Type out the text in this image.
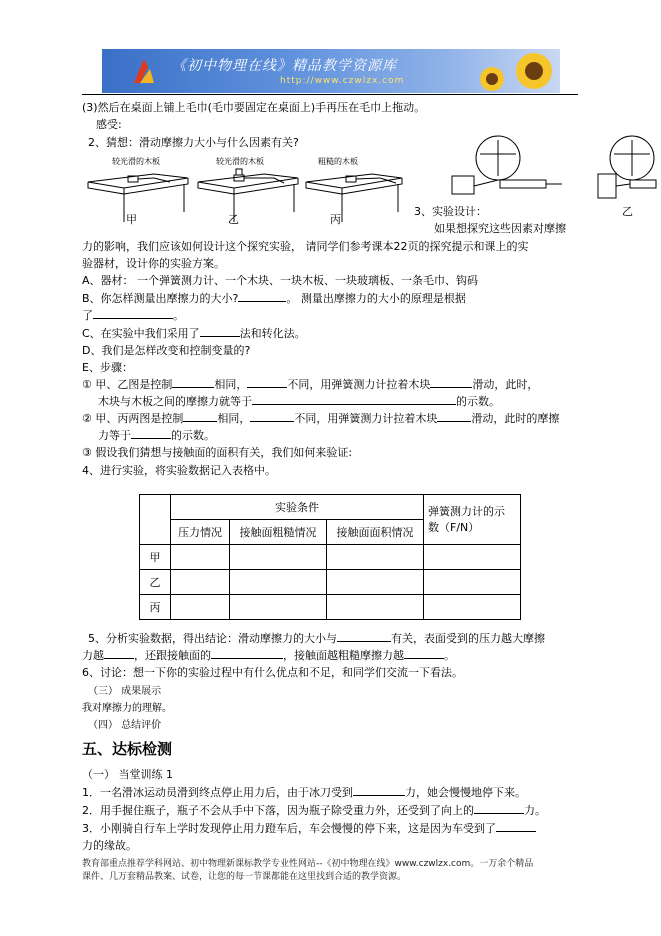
《初中物理在线》精品教学资源库
http://www.czwlzx.com
(3)然后在桌面上铺上毛巾(毛巾要固定在桌面上)手再压在毛巾上拖动。
感受:
2、猜想：滑动摩擦力大小与什么因素有关?
较光滑的木板	较光滑的木板	粗糙的木板
甲	乙	丙
3、实验设计：	乙
如果想探究这些因素对摩擦
力的影响，我们应该如何设计这个探究实验， 请同学们参考课本22页的探究提示和课上的实
验器材，设计你的实验方案。
A、器材： 一个弹簧测力计、一个木块、一块木板、一块玻璃板、一条毛巾、钩码
B、你怎样测量出摩擦力的大小?	。 测量出摩擦力的大小的原理是根据
了	。
C、在实验中我们采用了	法和转化法。
D、我们是怎样改变和控制变量的?
E、步骤：
① 甲、乙图是控制	相同，	不同，用弹簧测力计拉着木块	滑动，此时，
木块与木板之间的摩擦力就等于	的示数。
② 甲、丙两图是控制	相同，	不同，用弹簧测力计拉着木块	滑动，此时的摩擦
力等于	的示数。
③ 假设我们猜想与接触面的面积有关，我们如何来验证:
4、进行实验，将实验数据记入表格中。
	实验条件			弹簧测力计的示
数（F/N）
	压力情况	接触面粗糙情况	接触面面积情况	
甲				
乙				
丙				
5、分析实验数据，得出结论：滑动摩擦力的大小与	有关，表面受到的压力越大摩擦
力越	，还跟接触面的	，接触面越粗糙摩擦力越	。
6、讨论：想一下你的实验过程中有什么优点和不足，和同学们交流一下看法。
（三） 成果展示
我对摩擦力的理解。
（四） 总结评价
五、达标检测
（一） 当堂训练 1
1．一名滑冰运动员滑到终点停止用力后，由于冰刀受到	力，她会慢慢地停下来。
2．用手握住瓶子，瓶子不会从手中下落，因为瓶子除受重力外，还受到了向上的	力。
3．小刚骑自行车上学时发现停止用力蹬车后，车会慢慢的停下来，这是因为车受到了
力的缘故。
教育部重点推荐学科网站、初中物理新课标教学专业性网站--《初中物理在线》www.czwlzx.com。一万余个精品
课件、几万套精品教案、试卷，让您的每一节课都能在这里找到合适的教学资源。
